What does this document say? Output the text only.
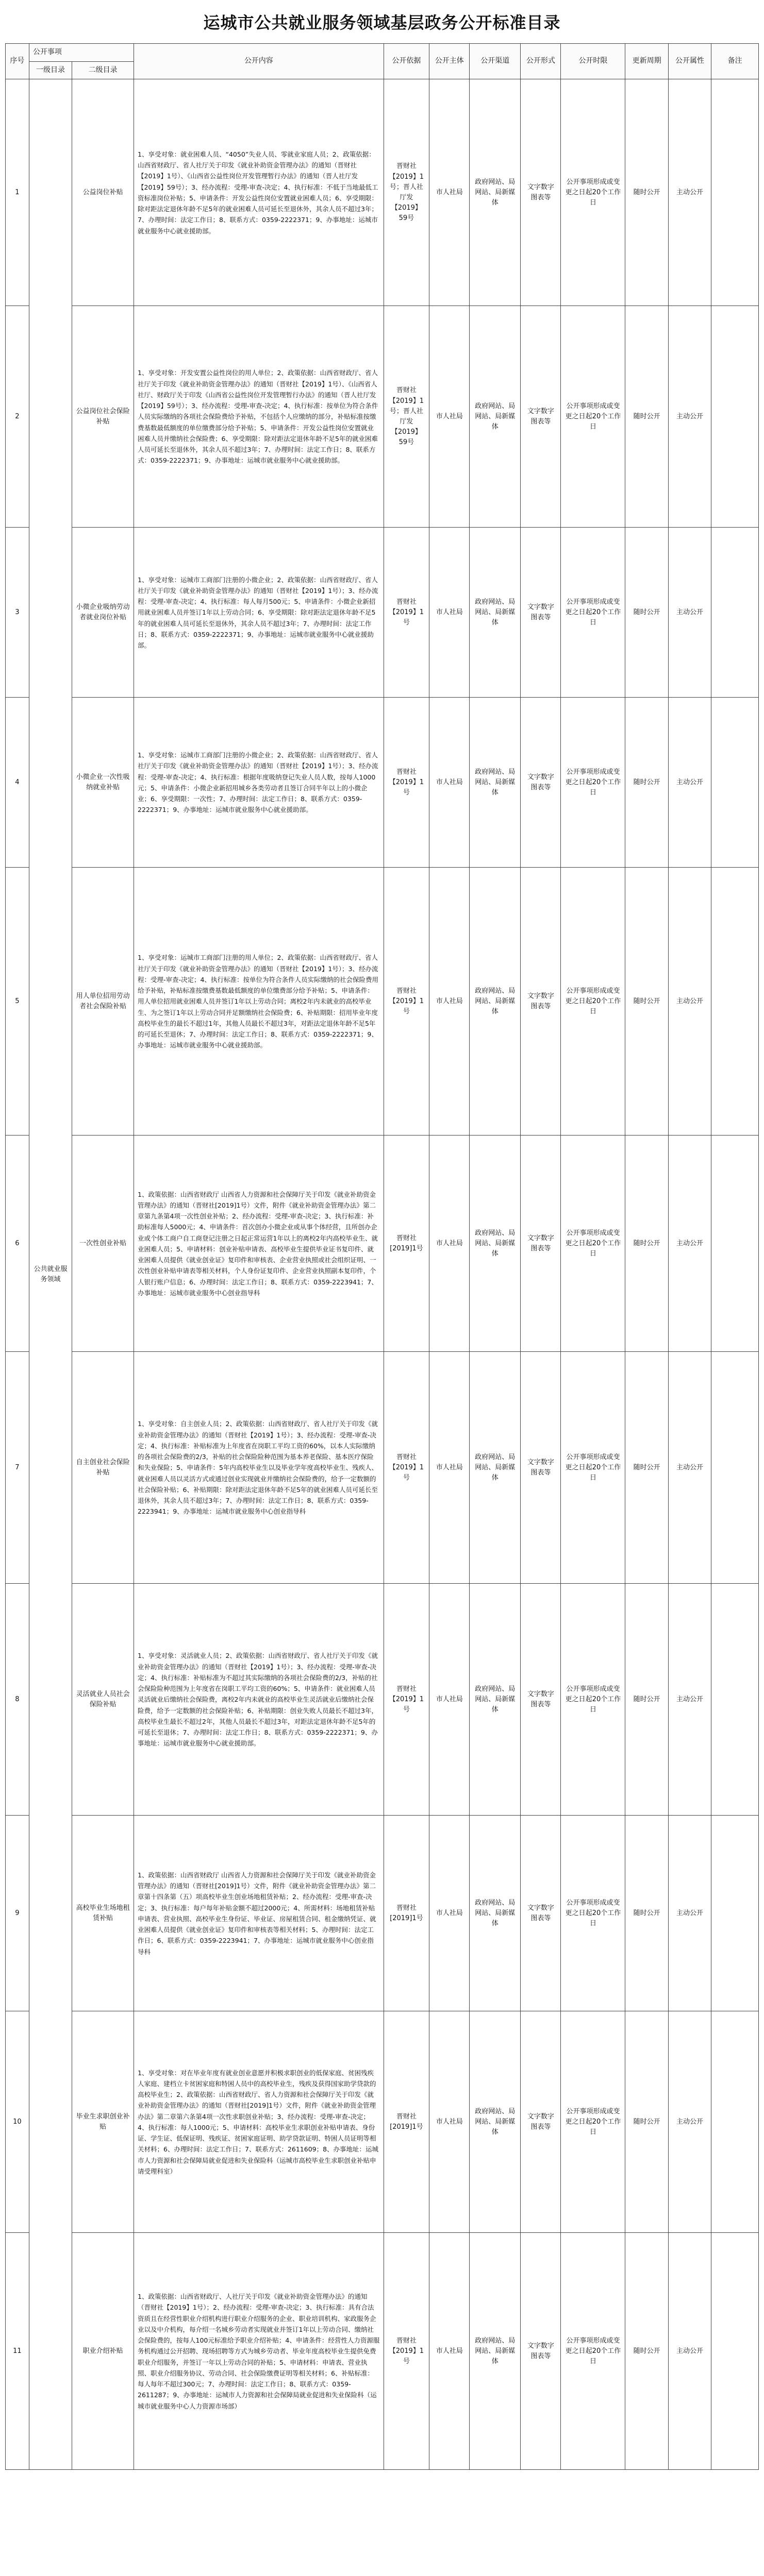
运城市公共就业服务领域基层政务公开标准目录
序号	公开事项		公开内容	公开依据	公开主体	公开渠道	公开形式	公开时限	更新周期	公开属性	备注
	一级目录	二级目录									
1	公共就业服务领域	公益岗位补贴	1、享受对象：就业困难人员、“4050”失业人员、零就业家庭人员；2、政策依据：山西省财政厅、省人社厅关于印发《就业补助资金管理办法》的通知（晋财社【2019】1号）、《山西省公益性岗位开发管理暂行办法》的通知（晋人社厅发【2019】59号）；3、经办流程：受理-审查-决定；4、执行标准：不低于当地最低工资标准岗位补贴；5、申请条件：开发公益性岗位安置就业困难人员；6、享受期限：除对距法定退休年龄不足5年的就业困难人员可延长至退休外，其余人员不超过3年；7、办理时间：法定工作日；8、联系方式：0359-2222371；9、办事地址：运城市就业服务中心就业援助部。	晋财社【2019】1号；晋人社厅发【2019】59号	市人社局	政府网站、局网站、局新媒体	文字数字图表等	公开事项形成或变更之日起20个工作日	随时公开	主动公开	
2		公益岗位社会保险补贴	1、享受对象：开发安置公益性岗位的用人单位；2、政策依据：山西省财政厅、省人社厅关于印发《就业补助资金管理办法》的通知（晋财社【2019】1号）、《山西省人社厅、财政厅关于印发《山西省公益性岗位开发管理暂行办法》的通知（晋人社厅发【2019】59号）；3、经办流程：受理-审查-决定；4、执行标准：按单位为符合条件人员实际缴纳的各项社会保险费给予补贴，不包括个人应缴纳的部分，补贴标准按缴费基数最低额度的单位缴费部分给予补贴；5、申请条件：开发公益性岗位安置就业困难人员并缴纳社会保险费；6、享受期限：除对距法定退休年龄不足5年的就业困难人员可延长至退休外，其余人员不超过3年；7、办理时间：法定工作日；8、联系方式：0359-2222371；9、办事地址：运城市就业服务中心就业援助部。	晋财社【2019】1号；晋人社厅发【2019】59号	市人社局	政府网站、局网站、局新媒体	文字数字图表等	公开事项形成或变更之日起20个工作日	随时公开	主动公开	
3		小微企业吸纳劳动者就业岗位补贴	1、享受对象：运城市工商部门注册的小微企业；2、政策依据：山西省财政厅、省人社厅关于印发《就业补助资金管理办法》的通知（晋财社【2019】1号）；3、经办流程：受理-审查-决定；4、执行标准：每人每月500元；5、申请条件：小微企业新招用就业困难人员并签订1年以上劳动合同；6、享受期限：除对距法定退休年龄不足5年的就业困难人员可延长至退休外，其余人员不超过3年；7、办理时间：法定工作日；8、联系方式：0359-2222371；9、办事地址：运城市就业服务中心就业援助部。	晋财社【2019】1号	市人社局	政府网站、局网站、局新媒体	文字数字图表等	公开事项形成或变更之日起20个工作日	随时公开	主动公开	
4		小微企业一次性吸纳就业补贴	1、享受对象：运城市工商部门注册的小微企业；2、政策依据：山西省财政厅、省人社厅关于印发《就业补助资金管理办法》的通知（晋财社【2019】1号）；3、经办流程：受理-审查-决定；4、执行标准：根据年度吸纳登记失业人员人数，按每人1000元；5、申请条件：小微企业新招用城乡各类劳动者且签订合同半年以上的小微企业；6、享受期限：一次性；7、办理时间：法定工作日；8、联系方式：0359-2222371；9、办事地址：运城市就业服务中心就业援助部。	晋财社【2019】1号	市人社局	政府网站、局网站、局新媒体	文字数字图表等	公开事项形成或变更之日起20个工作日	随时公开	主动公开	
5		用人单位招用劳动者社会保险补贴	1、享受对象：运城市工商部门注册的用人单位；2、政策依据：山西省财政厅、省人社厅关于印发《就业补助资金管理办法》的通知（晋财社【2019】1号）；3、经办流程：受理-审查-决定；4、执行标准：按单位为符合条件人员实际缴纳的社会保险费用给予补贴，补贴标准按缴费基数最低额度的单位缴费部分给予补贴；5、申请条件：用人单位招用就业困难人员并签订1年以上劳动合同；离校2年内未就业的高校毕业生、为之签订1年以上劳动合同并足额缴纳社会保险费；6、补贴期限：招用毕业年度高校毕业生的最长不超过1年，其他人员最长不超过3年，对距法定退休年龄不足5年的可延长至退休；7、办理时间：法定工作日；8、联系方式：0359-2222371；9、办事地址：运城市就业服务中心就业援助部。	晋财社【2019】1号	市人社局	政府网站、局网站、局新媒体	文字数字图表等	公开事项形成或变更之日起20个工作日	随时公开	主动公开	
6		一次性创业补贴	1、政策依据：山西省财政厅 山西省人力资源和社会保障厅关于印发《就业补助资金管理办法》的通知（晋财社[2019]1号）文件，附件《就业补助资金管理办法》第二章第九条第4项一次性创业补贴；2、经办流程：受理-审查-决定；3、执行标准：补助标准每人5000元；4、申请条件：首次创办小微企业或从事个体经营，且所创办企业或个体工商户自工商登记注册之日起正常运营1年以上的离校2年内高校毕业生、就业困难人员；5、申请材料：创业补贴申请表、高校毕业生提供毕业证书复印件、就业困难人员提供《就业创业证》复印件和审核表、企业营业执照或社会组织证明、一次性创业补贴申请表等相关材料，个人身份证复印件、企业营业执照副本复印件，个人银行账户信息；6、办理时间：法定工作日；8、联系方式：0359-2223941；7、办事地址：运城市就业服务中心创业指导科	晋财社[2019]1号	市人社局	政府网站、局网站、局新媒体	文字数字图表等	公开事项形成或变更之日起20个工作日	随时公开	主动公开	
7		自主创业社会保险补贴	1、享受对象：自主创业人员；2、政策依据：山西省财政厅、省人社厅关于印发《就业补助资金管理办法》的通知（晋财社【2019】1号）；3、经办流程：受理-审查-决定；4、执行标准：补贴标准为上年度省在岗职工平均工资的60%，以本人实际缴纳的各项社会保险费的2/3，补贴的社会保险险种范围为基本养老保险、基本医疗保险和失业保险；5、申请条件：5年内高校毕业生以及毕业学年度高校毕业生、残疾人、就业困难人员以灵活方式或通过创业实现就业并缴纳社会保险费的，给予一定数额的社会保险补贴；6、补贴期限：除对距法定退休年龄不足5年的就业困难人员可延长至退休外，其余人员不超过3年；7、办理时间：法定工作日；8、联系方式：0359-2223941；9、办事地址：运城市就业服务中心创业指导科	晋财社【2019】1号	市人社局	政府网站、局网站、局新媒体	文字数字图表等	公开事项形成或变更之日起20个工作日	随时公开	主动公开	
8		灵活就业人员社会保险补贴	1、享受对象：灵活就业人员；2、政策依据：山西省财政厅、省人社厅关于印发《就业补助资金管理办法》的通知（晋财社【2019】1号）；3、经办流程：受理-审查-决定；4、执行标准：补贴标准为不超过其实际缴纳的各项社会保险费的2/3，补贴的社会保险险种范围为上年度省在岗职工平均工资的60%；5、申请条件：就业困难人员灵活就业后缴纳社会保险费，离校2年内未就业的高校毕业生灵活就业后缴纳社会保险费，给予一定数额的社会保险补贴；6、补贴期限：创业失败人员最长不超过3年，高校毕业生最长不超过2年，其他人员最长不超过3年，对距法定退休年龄不足5年的可延长至退休；7、办理时间：法定工作日；8、联系方式：0359-2222371；9、办事地址：运城市就业服务中心就业援助部。	晋财社【2019】1号	市人社局	政府网站、局网站、局新媒体	文字数字图表等	公开事项形成或变更之日起20个工作日	随时公开	主动公开	
9		高校毕业生场地租赁补贴	1、政策依据：山西省财政厅 山西省人力资源和社会保障厅关于印发《就业补助资金管理办法》的通知（晋财社[2019]1号）文件，附件《就业补助资金管理办法》第二章第十四条第（五）项高校毕业生创业场地租赁补贴；2、经办流程：受理-审查-决定；3、执行标准：每户每年补贴金额不超过2000元；4、所需材料：场地租赁补贴申请表、营业执照、高校毕业生身份证、毕业证、房屋租赁合同、租金缴纳凭证、就业困难人员提供《就业创业证》复印件和审核表等相关材料；5、办理时间：法定工作日；6、联系方式：0359-2223941；7、办事地址：运城市就业服务中心创业指导科	晋财社[2019]1号	市人社局	政府网站、局网站、局新媒体	文字数字图表等	公开事项形成或变更之日起20个工作日	随时公开	主动公开	
10		毕业生求职创业补贴	1、享受对象：对在毕业年度有就业创业意愿并积极求职创业的低保家庭、贫困残疾人家庭、建档立卡贫困家庭和特困人员中的高校毕业生，残疾及获得国家助学贷款的高校毕业生；2、政策依据：山西省财政厅、省人力资源和社会保障厅关于印发《就业补助资金管理办法》的通知（晋财社[2019]1号）文件，附件《就业补助资金管理办法》第二章第六条第4项一次性求职创业补贴；3、经办流程：受理-审查-决定；4、执行标准：每人1000元；5、申请材料：高校毕业生求职创业补贴申请表、身份证、学生证、低保证明、残疾证、贫困家庭证明、助学贷款证明、特困人员证明等相关材料；6、办理时间：法定工作日；7、联系方式：2611609；8、办事地址：运城市人力资源和社会保障局就业促进和失业保险科（运城市高校毕业生求职创业补贴申请受理科室）	晋财社[2019]1号	市人社局	政府网站、局网站、局新媒体	文字数字图表等	公开事项形成或变更之日起20个工作日	随时公开	主动公开	
11		职业介绍补贴	1、政策依据：山西省财政厅、人社厅关于印发《就业补助资金管理办法》的通知（晋财社【2019】1号）；2、经办流程：受理-审查-决定；3、执行标准：具有合法资质且在经营性职业介绍机构进行职业介绍服务的企业、职业培训机构、家政服务企业以及中介机构，每介绍一名城乡劳动者实现就业并签订1年以上劳动合同、缴纳社会保险费的，按每人100元标准给予职业介绍补贴；4、申请条件：经营性人力资源服务机构通过公开招聘、现场招聘等方式为城乡劳动者、毕业年度高校毕业生提供免费职业介绍服务，并签订一年以上劳动合同的补贴；5、申请材料：申请表、营业执照、职业介绍服务协议、劳动合同、社会保险缴费证明等相关材料；6、补贴标准：每人每年不超过300元；7、办理时间：法定工作日；8、联系方式：0359-2611287；9、办事地址：运城市人力资源和社会保障局就业促进和失业保险科（运城市就业服务中心人力资源市场部）	晋财社【2019】1号	市人社局	政府网站、局网站、局新媒体	文字数字图表等	公开事项形成或变更之日起20个工作日	随时公开	主动公开	
